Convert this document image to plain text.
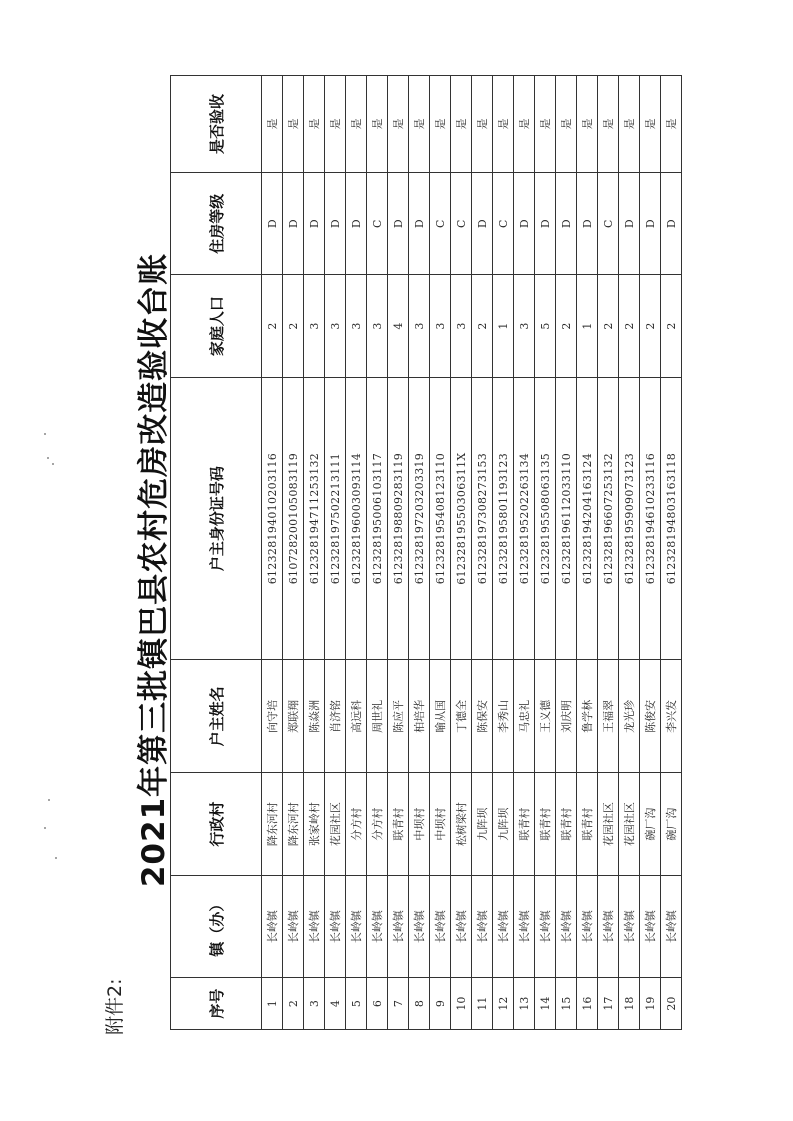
附件2:
2021年第三批镇巴县农村危房改造验收台账
序号	镇（办）	行政村	户主姓名	户主身份证号码	家庭人口	住房等级	是否验收
1	长岭镇	降东河村	向守培	612328194010203116	2	D	是
2	长岭镇	降东河村	郑联翔	610728200105083119	2	D	是
3	长岭镇	张家岭村	陈焱洲	612328194711253132	3	D	是
4	长岭镇	花园社区	肖济铭	612328197502213111	3	D	是
5	长岭镇	分方村	高远科	612328196003093114	3	D	是
6	长岭镇	分方村	周世礼	612328195006103117	3	C	是
7	长岭镇	联青村	陈应平	612328198809283119	4	D	是
8	长岭镇	中坝村	柏培华	612328197203203319	3	D	是
9	长岭镇	中坝村	喻从国	612328195408123110	3	C	是
10	长岭镇	松树梁村	丁德全	61232819550306311X	3	C	是
11	长岭镇	九阵坝	陈保安	612328197308273153	2	D	是
12	长岭镇	九阵坝	李秀山	612328195801193123	1	C	是
13	长岭镇	联青村	马忠礼	612328195202263134	3	D	是
14	长岭镇	联青村	王义德	612328195508063135	5	D	是
15	长岭镇	联青村	刘庆明	612328196112033110	2	D	是
16	长岭镇	联青村	鲁学林	612328194204163124	1	D	是
17	长岭镇	花园社区	王福翠	612328196607253132	2	C	是
18	长岭镇	花园社区	龙光珍	612328195909073123	2	D	是
19	长岭镇	碗厂沟	陈俊安	612328194610233116	2	D	是
20	长岭镇	碗厂沟	李兴发	612328194803163118	2	D	是
